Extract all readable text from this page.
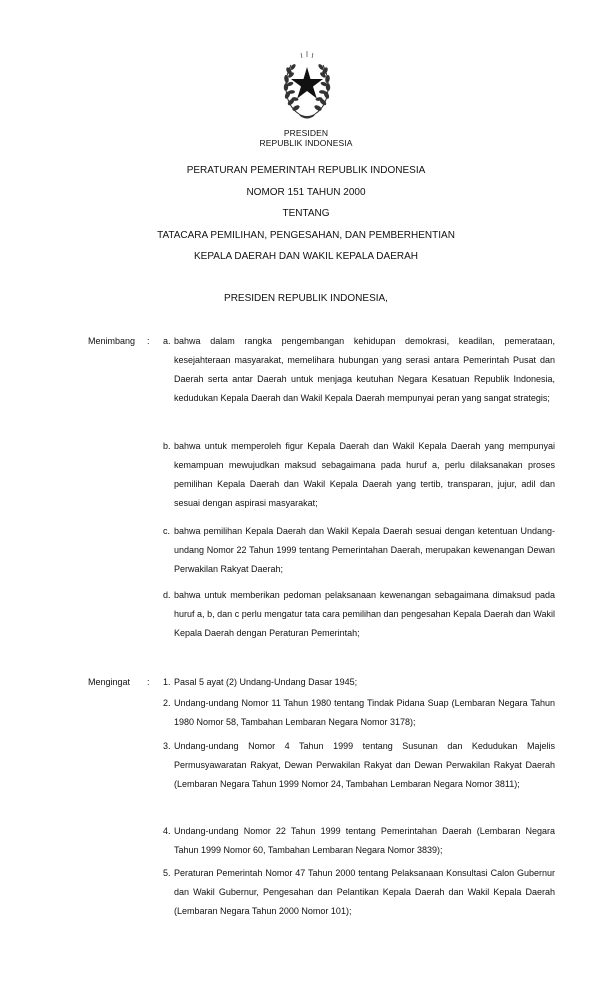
PRESIDEN
REPUBLIK INDONESIA
PERATURAN PEMERINTAH REPUBLIK INDONESIA
NOMOR 151 TAHUN 2000
TENTANG
TATACARA PEMILIHAN, PENGESAHAN, DAN PEMBERHENTIAN
KEPALA DAERAH DAN WAKIL KEPALA DAERAH
PRESIDEN REPUBLIK INDONESIA,
Menimbang	: a. bahwa dalam rangka pengembangan kehidupan demokrasi, keadilan, pemerataan, kesejahteraan masyarakat, memelihara hubungan yang serasi antara Pemerintah Pusat dan Daerah serta antar Daerah untuk menjaga keutuhan Negara Kesatuan Republik Indonesia, kedudukan Kepala Daerah dan Wakil Kepala Daerah mempunyai peran yang sangat strategis;
b. bahwa untuk memperoleh figur Kepala Daerah dan Wakil Kepala Daerah yang mempunyai kemampuan mewujudkan maksud sebagaimana pada huruf a, perlu dilaksanakan proses pemilihan Kepala Daerah dan Wakil Kepala Daerah yang tertib, transparan, jujur, adil dan sesuai dengan aspirasi masyarakat;
c. bahwa pemilihan Kepala Daerah dan Wakil Kepala Daerah sesuai dengan ketentuan Undang-undang Nomor 22 Tahun 1999 tentang Pemerintahan Daerah, merupakan kewenangan Dewan Perwakilan Rakyat Daerah;
d. bahwa untuk memberikan pedoman pelaksanaan kewenangan sebagaimana dimaksud pada huruf a, b, dan c perlu mengatur tata cara pemilihan dan pengesahan Kepala Daerah dan Wakil Kepala Daerah dengan Peraturan Pemerintah;
Mengingat	: 1. Pasal 5 ayat (2) Undang-Undang Dasar 1945;
2. Undang-undang Nomor 11 Tahun 1980 tentang Tindak Pidana Suap (Lembaran Negara Tahun 1980 Nomor 58, Tambahan Lembaran Negara Nomor 3178);
3. Undang-undang Nomor 4 Tahun 1999 tentang Susunan dan Kedudukan Majelis Permusyawaratan Rakyat, Dewan Perwakilan Rakyat dan Dewan Perwakilan Rakyat Daerah (Lembaran Negara Tahun 1999 Nomor 24, Tambahan Lembaran Negara Nomor 3811);
4. Undang-undang Nomor 22 Tahun 1999 tentang Pemerintahan Daerah (Lembaran Negara Tahun 1999 Nomor 60, Tambahan Lembaran Negara Nomor 3839);
5. Peraturan Pemerintah Nomor 47 Tahun 2000 tentang Pelaksanaan Konsultasi Calon Gubernur dan Wakil Gubernur, Pengesahan dan Pelantikan Kepala Daerah dan Wakil Kepala Daerah (Lembaran Negara Tahun 2000 Nomor 101);
